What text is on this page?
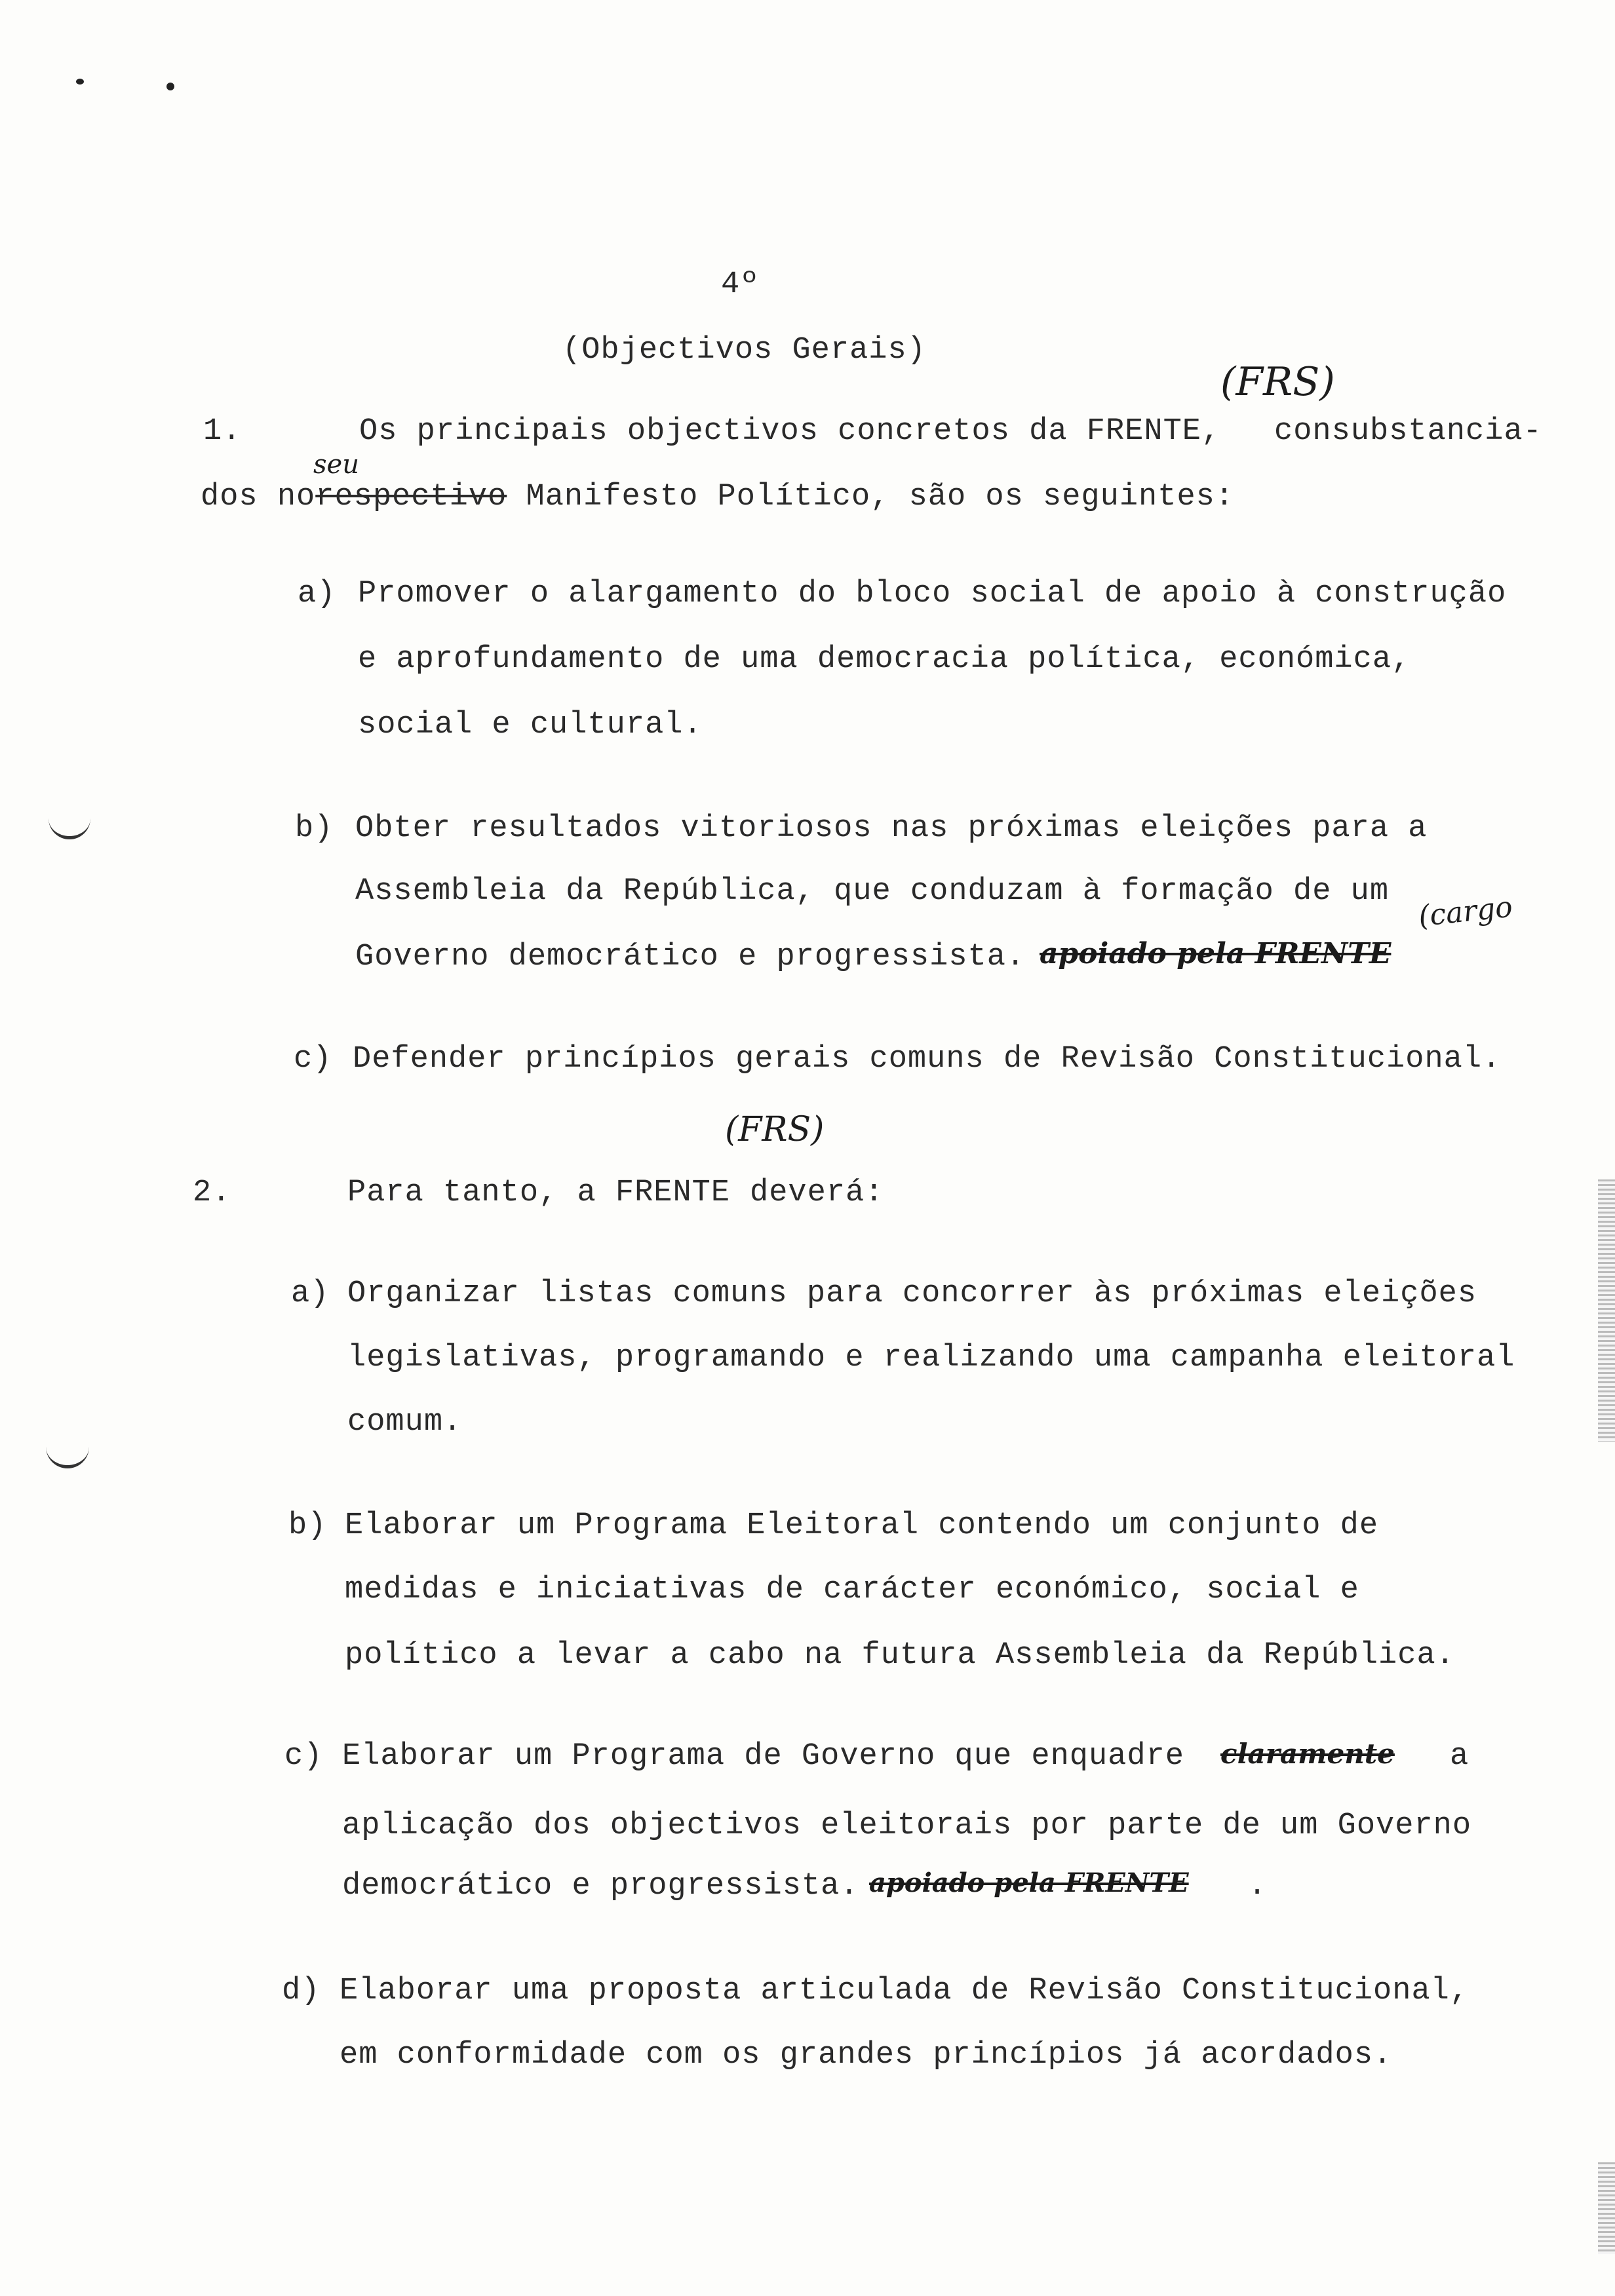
4º
(Objectivos Gerais)
(FRS)
1.	Os principais objectivos concretos da FRENTE, consubstancia-
seu
dos norespectivo Manifesto Político, são os seguintes:
a) Promover o alargamento do bloco social de apoio à construção
e aprofundamento de uma democracia política, económica,
social e cultural.
b) Obter resultados vitoriosos nas próximas eleições para a
Assembleia da República, que conduzam à formação de um (cargo
Governo democrático e progressista. apoiado pela FRENTE
c) Defender princípios gerais comuns de Revisão Constitucional.
(FRS)
2.	Para tanto, a FRENTE deverá:
a) Organizar listas comuns para concorrer às próximas eleições
legislativas, programando e realizando uma campanha eleitoral
comum.
b) Elaborar um Programa Eleitoral contendo um conjunto de
medidas e iniciativas de carácter económico, social e
político a levar a cabo na futura Assembleia da República.
c) Elaborar um Programa de Governo que enquadre claramente a
aplicação dos objectivos eleitorais por parte de um Governo
democrático e progressista. apoiado pela FRENTE .
d) Elaborar uma proposta articulada de Revisão Constitucional,
em conformidade com os grandes princípios já acordados.
